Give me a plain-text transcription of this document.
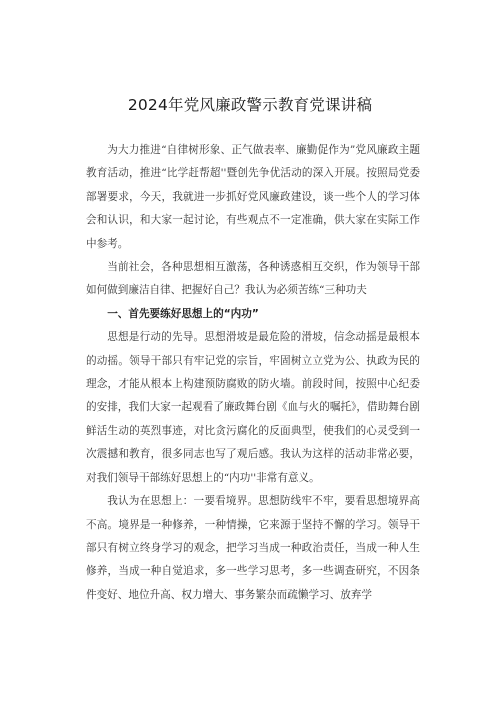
2024年党风廉政警示教育党课讲稿

为大力推进“自律树形象、正气做表率、廉勤促作为”党风廉政主题教育活动，推进“比学赶帮超''暨创先争优活动的深入开展。按照局党委部署要求，今天，我就进一步抓好党风廉政建设，谈一些个人的学习体会和认识，和大家一起讨论，有些观点不一定准确，供大家在实际工作中参考。

当前社会，各种思想相互激荡，各种诱惑相互交织，作为领导干部如何做到廉洁自律、把握好自己？我认为必须苦练“三种功夫

一、首先要练好思想上的“内功”

思想是行动的先导。思想滑坡是最危险的滑坡，信念动摇是最根本的动摇。领导干部只有牢记党的宗旨，牢固树立立党为公、执政为民的理念，才能从根本上构建预防腐败的防火墙。前段时间，按照中心纪委的安排，我们大家一起观看了廉政舞台剧《血与火的嘱托》，借助舞台剧鲜活生动的英烈事迹，对比贪污腐化的反面典型，使我们的心灵受到一次震撼和教育，很多同志也写了观后感。我认为这样的活动非常必要，对我们领导干部练好思想上的“内功''非常有意义。

我认为在思想上：一要看境界。思想防线牢不牢，要看思想境界高不高。境界是一种修养，一种情操，它来源于坚持不懈的学习。领导干部只有树立终身学习的观念，把学习当成一种政治责任，当成一种人生修养，当成一种自觉追求，多一些学习思考，多一些调查研究，不因条件变好、地位升高、权力增大、事务繁杂而疏懒学习、放弃学
